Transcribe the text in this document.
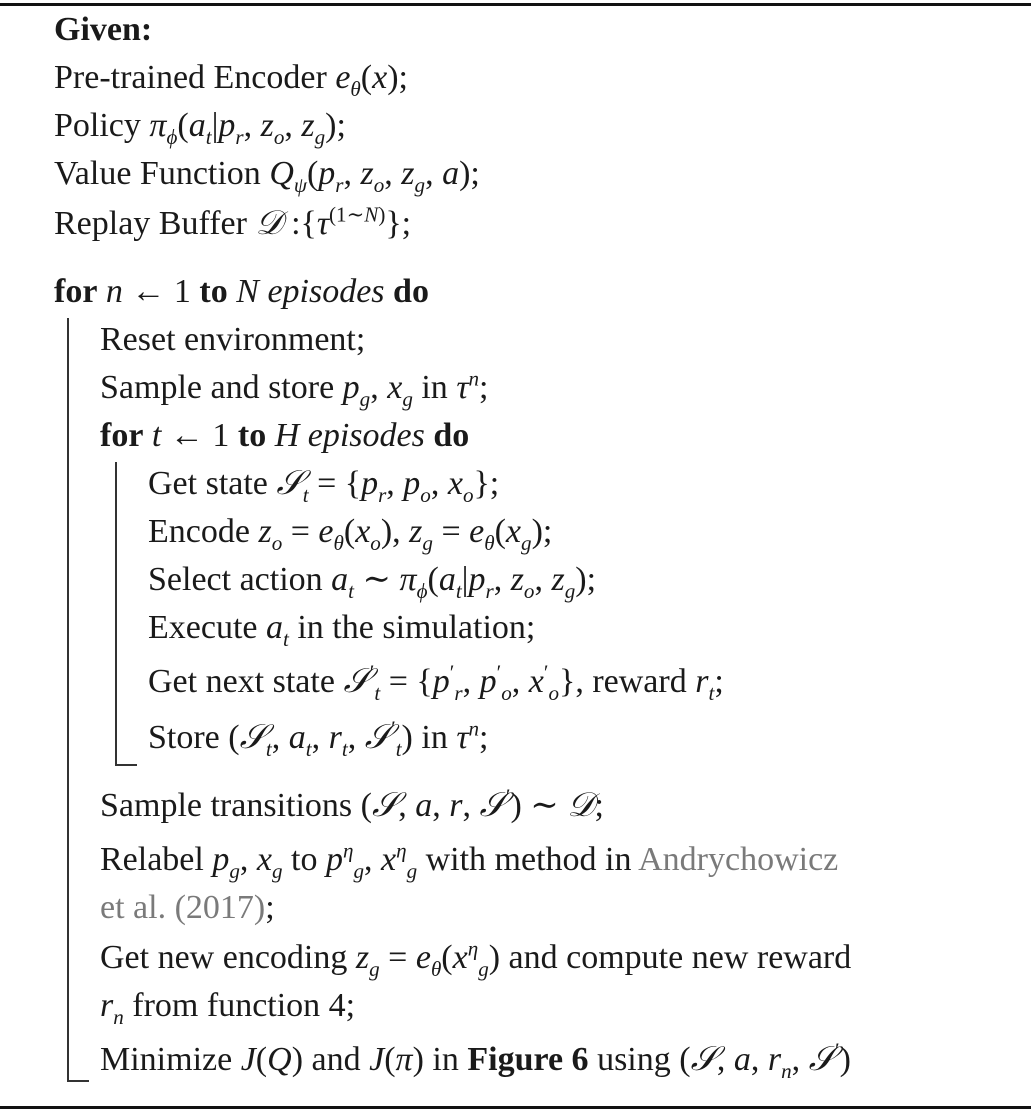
Given:
Pre-trained Encoder $e_\theta(x)$;
Policy $\pi_\phi(a_t|p_r$, $z_o$, $z_g$);
Value Function $Q_\psi(p_r$, $z_o$, $z_g$, a);
Replay Buffer 𝒟 $:\{\tau^{(1\sim N)}\}$;
for n ← 1 to N episodes do
Reset environment;
Sample and store $p_g$, $x_g$ in $\tau^n$;
for t ← 1 to H episodes do
Get state 𝒮$_t$ = {$p_r$, $p_o$, $x_o$};
Encode $z_o = e_\theta(x_o)$, $z_g = e_\theta(x_g)$;
Select action $a_t$ ∼ $\pi_\phi(a_t|p_r$, $z_o$, $z_g$);
Execute $a_t$ in the simulation;
Get next state 𝒮′$_t$ = {$p'_r$, $p'_o$, $x'_o$}, reward $r_t$;
Store (𝒮$_t$, $a_t$, $r_t$, 𝒮′$_t$) in $\tau^n$;
Sample transitions (𝒮, a, r, 𝒮′) ∼ 𝒟;
Relabel $p_g$, $x_g$ to $p^\eta_g$, $x^\eta_g$ with method in Andrychowicz
et al. (2017);
Get new encoding $z_g = e_\theta(x^\eta_g)$ and compute new reward
$r_n$ from function 4;
Minimize J(Q) and J(π) in Figure 6 using (𝒮, a, $r_n$, 𝒮′)
